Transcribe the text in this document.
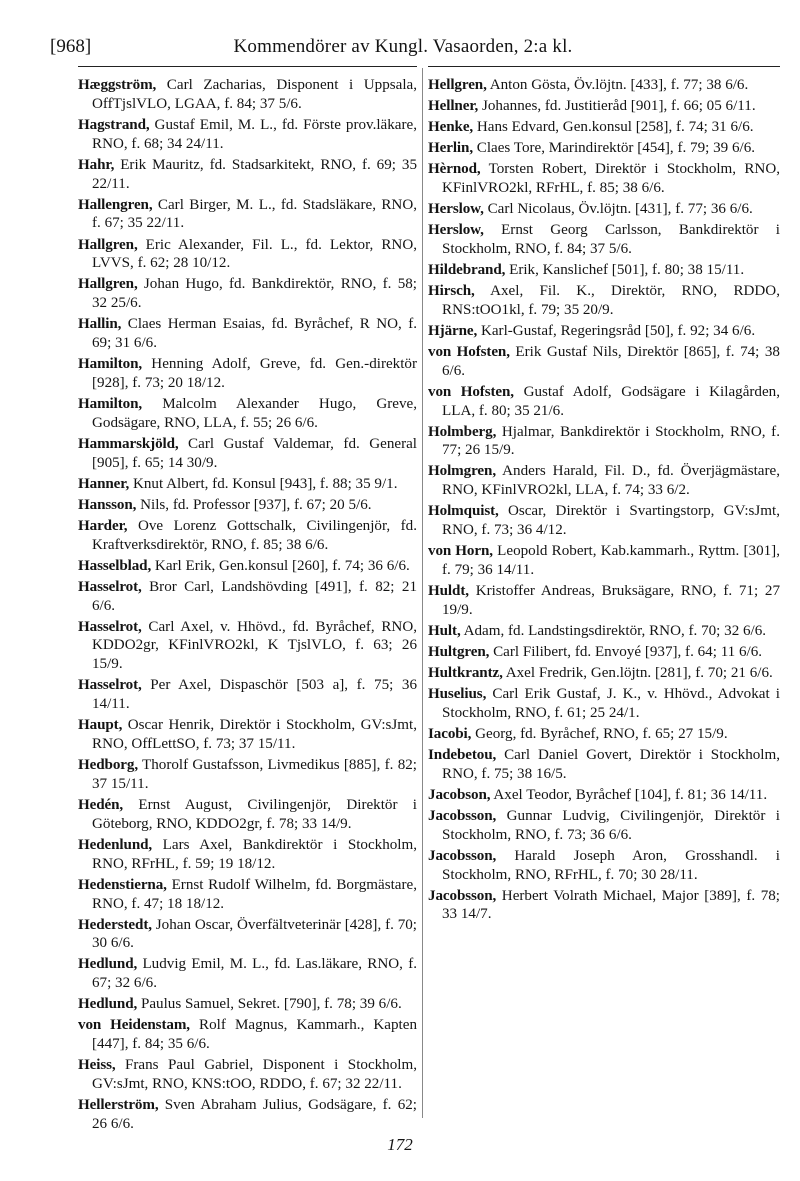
[968]	Kommendörer av Kungl. Vasaorden, 2:a kl.

Hæggström, Carl Zacharias, Disponent i Uppsala, OffTjslVLO, LGAA, f. 84; 37 5/6.

Hagstrand, Gustaf Emil, M. L., fd. Förste prov.läkare, RNO, f. 68; 34 24/11.

Hahr, Erik Mauritz, fd. Stadsarkitekt, RNO, f. 69; 35 22/11.

Hallengren, Carl Birger, M. L., fd. Stadsläkare, RNO, f. 67; 35 22/11.

Hallgren, Eric Alexander, Fil. L., fd. Lektor, RNO, LVVS, f. 62; 28 10/12.

Hallgren, Johan Hugo, fd. Bankdirektör, RNO, f. 58; 32 25/6.

Hallin, Claes Herman Esaias, fd. Byråchef, R NO, f. 69; 31 6/6.

Hamilton, Henning Adolf, Greve, fd. Gen.-direktör [928], f. 73; 20 18/12.

Hamilton, Malcolm Alexander Hugo, Greve, Godsägare, RNO, LLA, f. 55; 26 6/6.

Hammarskjöld, Carl Gustaf Valdemar, fd. General [905], f. 65; 14 30/9.

Hanner, Knut Albert, fd. Konsul [943], f. 88; 35 9/1.

Hansson, Nils, fd. Professor [937], f. 67; 20 5/6.

Harder, Ove Lorenz Gottschalk, Civilingenjör, fd. Kraftverksdirektör, RNO, f. 85; 38 6/6.

Hasselblad, Karl Erik, Gen.konsul [260], f. 74; 36 6/6.

Hasselrot, Bror Carl, Landshövding [491], f. 82; 21 6/6.

Hasselrot, Carl Axel, v. Hhövd., fd. Byråchef, RNO, KDDO2gr, KFinlVRO2kl, K TjslVLO, f. 63; 26 15/9.

Hasselrot, Per Axel, Dispaschör [503 a], f. 75; 36 14/11.

Haupt, Oscar Henrik, Direktör i Stockholm, GV:sJmt, RNO, OffLettSO, f. 73; 37 15/11.

Hedborg, Thorolf Gustafsson, Livmedikus [885], f. 82; 37 15/11.

Hedén, Ernst August, Civilingenjör, Direktör i Göteborg, RNO, KDDO2gr, f. 78; 33 14/9.

Hedenlund, Lars Axel, Bankdirektör i Stockholm, RNO, RFrHL, f. 59; 19 18/12.

Hedenstierna, Ernst Rudolf Wilhelm, fd. Borgmästare, RNO, f. 47; 18 18/12.

Hederstedt, Johan Oscar, Överfältveterinär [428], f. 70; 30 6/6.

Hedlund, Ludvig Emil, M. L., fd. Las.läkare, RNO, f. 67; 32 6/6.

Hedlund, Paulus Samuel, Sekret. [790], f. 78; 39 6/6.

von Heidenstam, Rolf Magnus, Kammarh., Kapten [447], f. 84; 35 6/6.

Heiss, Frans Paul Gabriel, Disponent i Stockholm, GV:sJmt, RNO, KNS:tOO, RDDO, f. 67; 32 22/11.

Hellerström, Sven Abraham Julius, Godsägare, f. 62; 26 6/6.

Hellgren, Anton Gösta, Öv.löjtn. [433], f. 77; 38 6/6.

Hellner, Johannes, fd. Justitieråd [901], f. 66; 05 6/11.

Henke, Hans Edvard, Gen.konsul [258], f. 74; 31 6/6.

Herlin, Claes Tore, Marindirektör [454], f. 79; 39 6/6.

Hèrnod, Torsten Robert, Direktör i Stockholm, RNO, KFinlVRO2kl, RFrHL, f. 85; 38 6/6.

Herslow, Carl Nicolaus, Öv.löjtn. [431], f. 77; 36 6/6.

Herslow, Ernst Georg Carlsson, Bankdirektör i Stockholm, RNO, f. 84; 37 5/6.

Hildebrand, Erik, Kanslichef [501], f. 80; 38 15/11.

Hirsch, Axel, Fil. K., Direktör, RNO, RDDO, RNS:tOO1kl, f. 79; 35 20/9.

Hjärne, Karl-Gustaf, Regeringsråd [50], f. 92; 34 6/6.

von Hofsten, Erik Gustaf Nils, Direktör [865], f. 74; 38 6/6.

von Hofsten, Gustaf Adolf, Godsägare i Kilagården, LLA, f. 80; 35 21/6.

Holmberg, Hjalmar, Bankdirektör i Stockholm, RNO, f. 77; 26 15/9.

Holmgren, Anders Harald, Fil. D., fd. Överjägmästare, RNO, KFinlVRO2kl, LLA, f. 74; 33 6/2.

Holmquist, Oscar, Direktör i Svartingstorp, GV:sJmt, RNO, f. 73; 36 4/12.

von Horn, Leopold Robert, Kab.kammarh., Ryttm. [301], f. 79; 36 14/11.

Huldt, Kristoffer Andreas, Bruksägare, RNO, f. 71; 27 19/9.

Hult, Adam, fd. Landstingsdirektör, RNO, f. 70; 32 6/6.

Hultgren, Carl Filibert, fd. Envoyé [937], f. 64; 11 6/6.

Hultkrantz, Axel Fredrik, Gen.löjtn. [281], f. 70; 21 6/6.

Huselius, Carl Erik Gustaf, J. K., v. Hhövd., Advokat i Stockholm, RNO, f. 61; 25 24/1.

Iacobi, Georg, fd. Byråchef, RNO, f. 65; 27 15/9.

Indebetou, Carl Daniel Govert, Direktör i Stockholm, RNO, f. 75; 38 16/5.

Jacobson, Axel Teodor, Byråchef [104], f. 81; 36 14/11.

Jacobsson, Gunnar Ludvig, Civilingenjör, Direktör i Stockholm, RNO, f. 73; 36 6/6.

Jacobsson, Harald Joseph Aron, Grosshandl. i Stockholm, RNO, RFrHL, f. 70; 30 28/11.

Jacobsson, Herbert Volrath Michael, Major [389], f. 78; 33 14/7.

172
